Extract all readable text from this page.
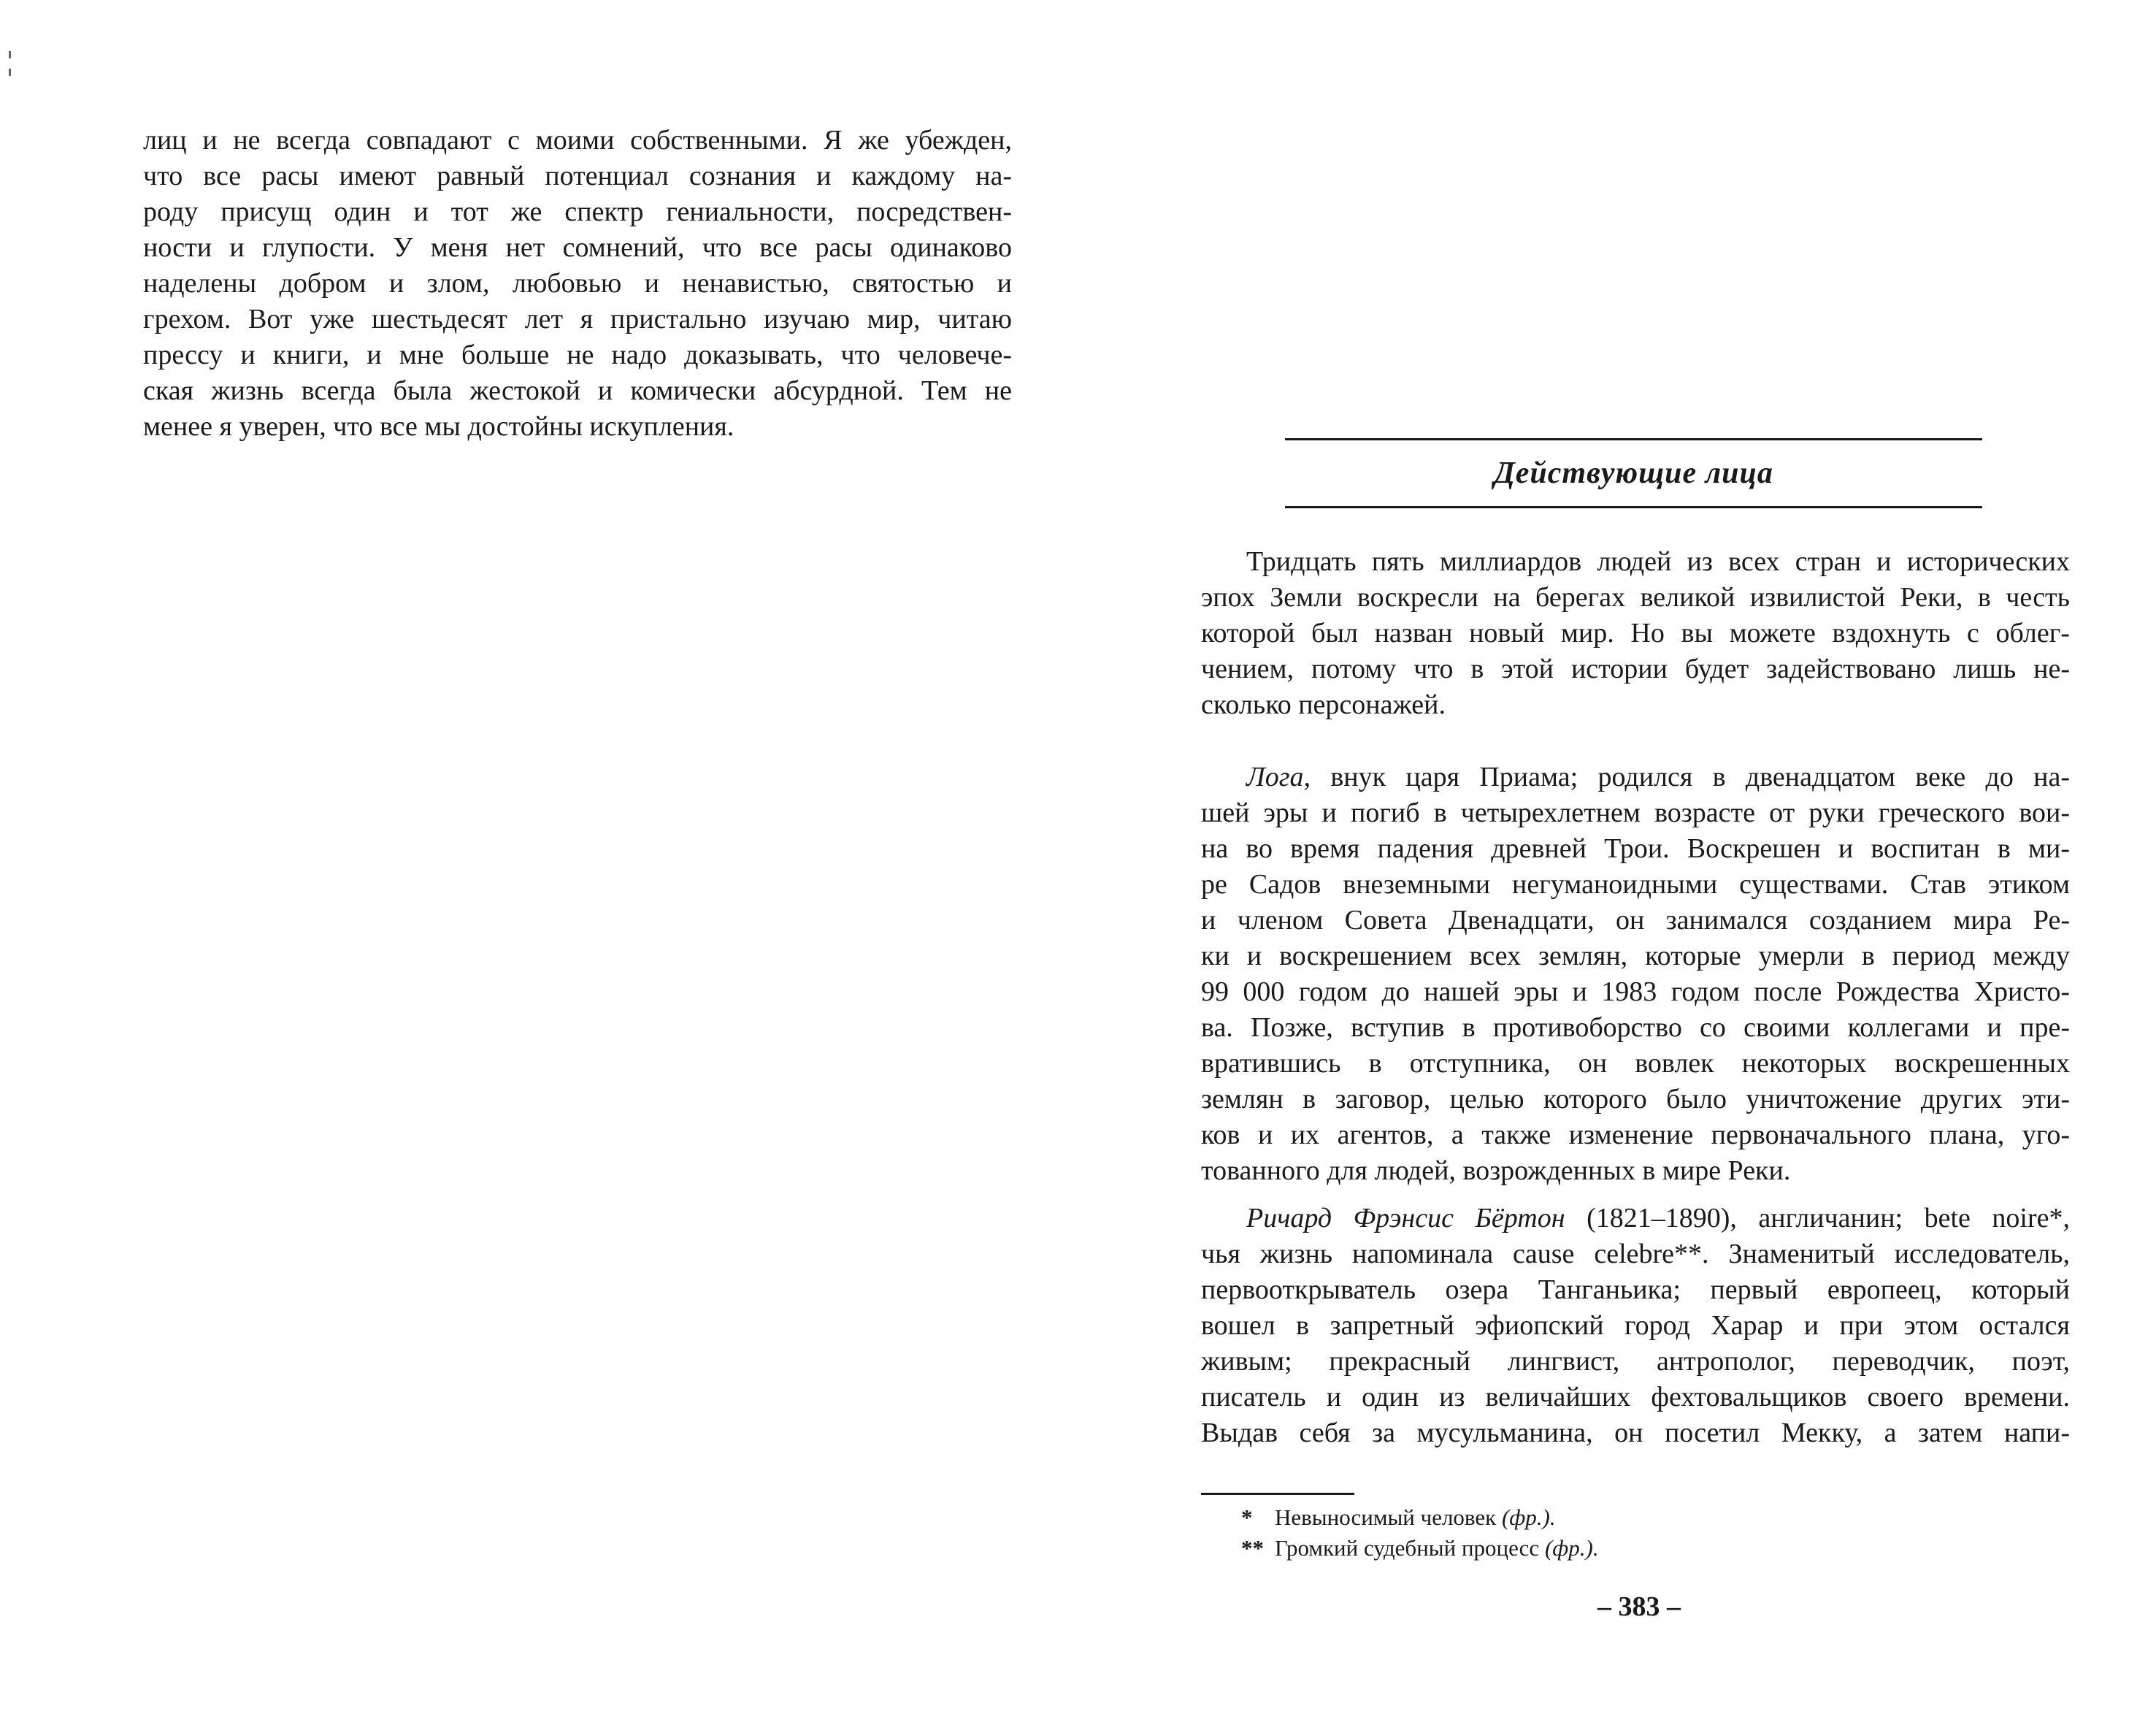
лиц и не всегда совпадают с моими собственными. Я же убежден,
что все расы имеют равный потенциал сознания и каждому на-
роду присущ один и тот же спектр гениальности, посредствен-
ности и глупости. У меня нет сомнений, что все расы одинаково
наделены добром и злом, любовью и ненавистью, святостью и
грехом. Вот уже шестьдесят лет я пристально изучаю мир, читаю
прессу и книги, и мне больше не надо доказывать, что человече-
ская жизнь всегда была жестокой и комически абсурдной. Тем не
менее я уверен, что все мы достойны искупления.
Действующие лица
Тридцать пять миллиардов людей из всех стран и исторических
эпох Земли воскресли на берегах великой извилистой Реки, в честь
которой был назван новый мир. Но вы можете вздохнуть с облег-
чением, потому что в этой истории будет задействовано лишь не-
сколько персонажей.
Лога, внук царя Приама; родился в двенадцатом веке до на-
шей эры и погиб в четырехлетнем возрасте от руки греческого вои-
на во время падения древней Трои. Воскрешен и воспитан в ми-
ре Садов внеземными негуманоидными существами. Став этиком
и членом Совета Двенадцати, он занимался созданием мира Ре-
ки и воскрешением всех землян, которые умерли в период между
99 000 годом до нашей эры и 1983 годом после Рождества Христо-
ва. Позже, вступив в противоборство со своими коллегами и пре-
вратившись в отступника, он вовлек некоторых воскрешенных
землян в заговор, целью которого было уничтожение других эти-
ков и их агентов, а также изменение первоначального плана, уго-
тованного для людей, возрожденных в мире Реки.
Ричард Фрэнсис Бёртон (1821–1890), англичанин; bete noire*,
чья жизнь напоминала cause celebre**. Знаменитый исследователь,
первооткрыватель озера Танганьика; первый европеец, который
вошел в запретный эфиопский город Харар и при этом остался
живым; прекрасный лингвист, антрополог, переводчик, поэт,
писатель и один из величайших фехтовальщиков своего времени.
Выдав себя за мусульманина, он посетил Мекку, а затем напи-
* Невыносимый человек (фр.).
** Громкий судебный процесс (фр.).
– 383 –
